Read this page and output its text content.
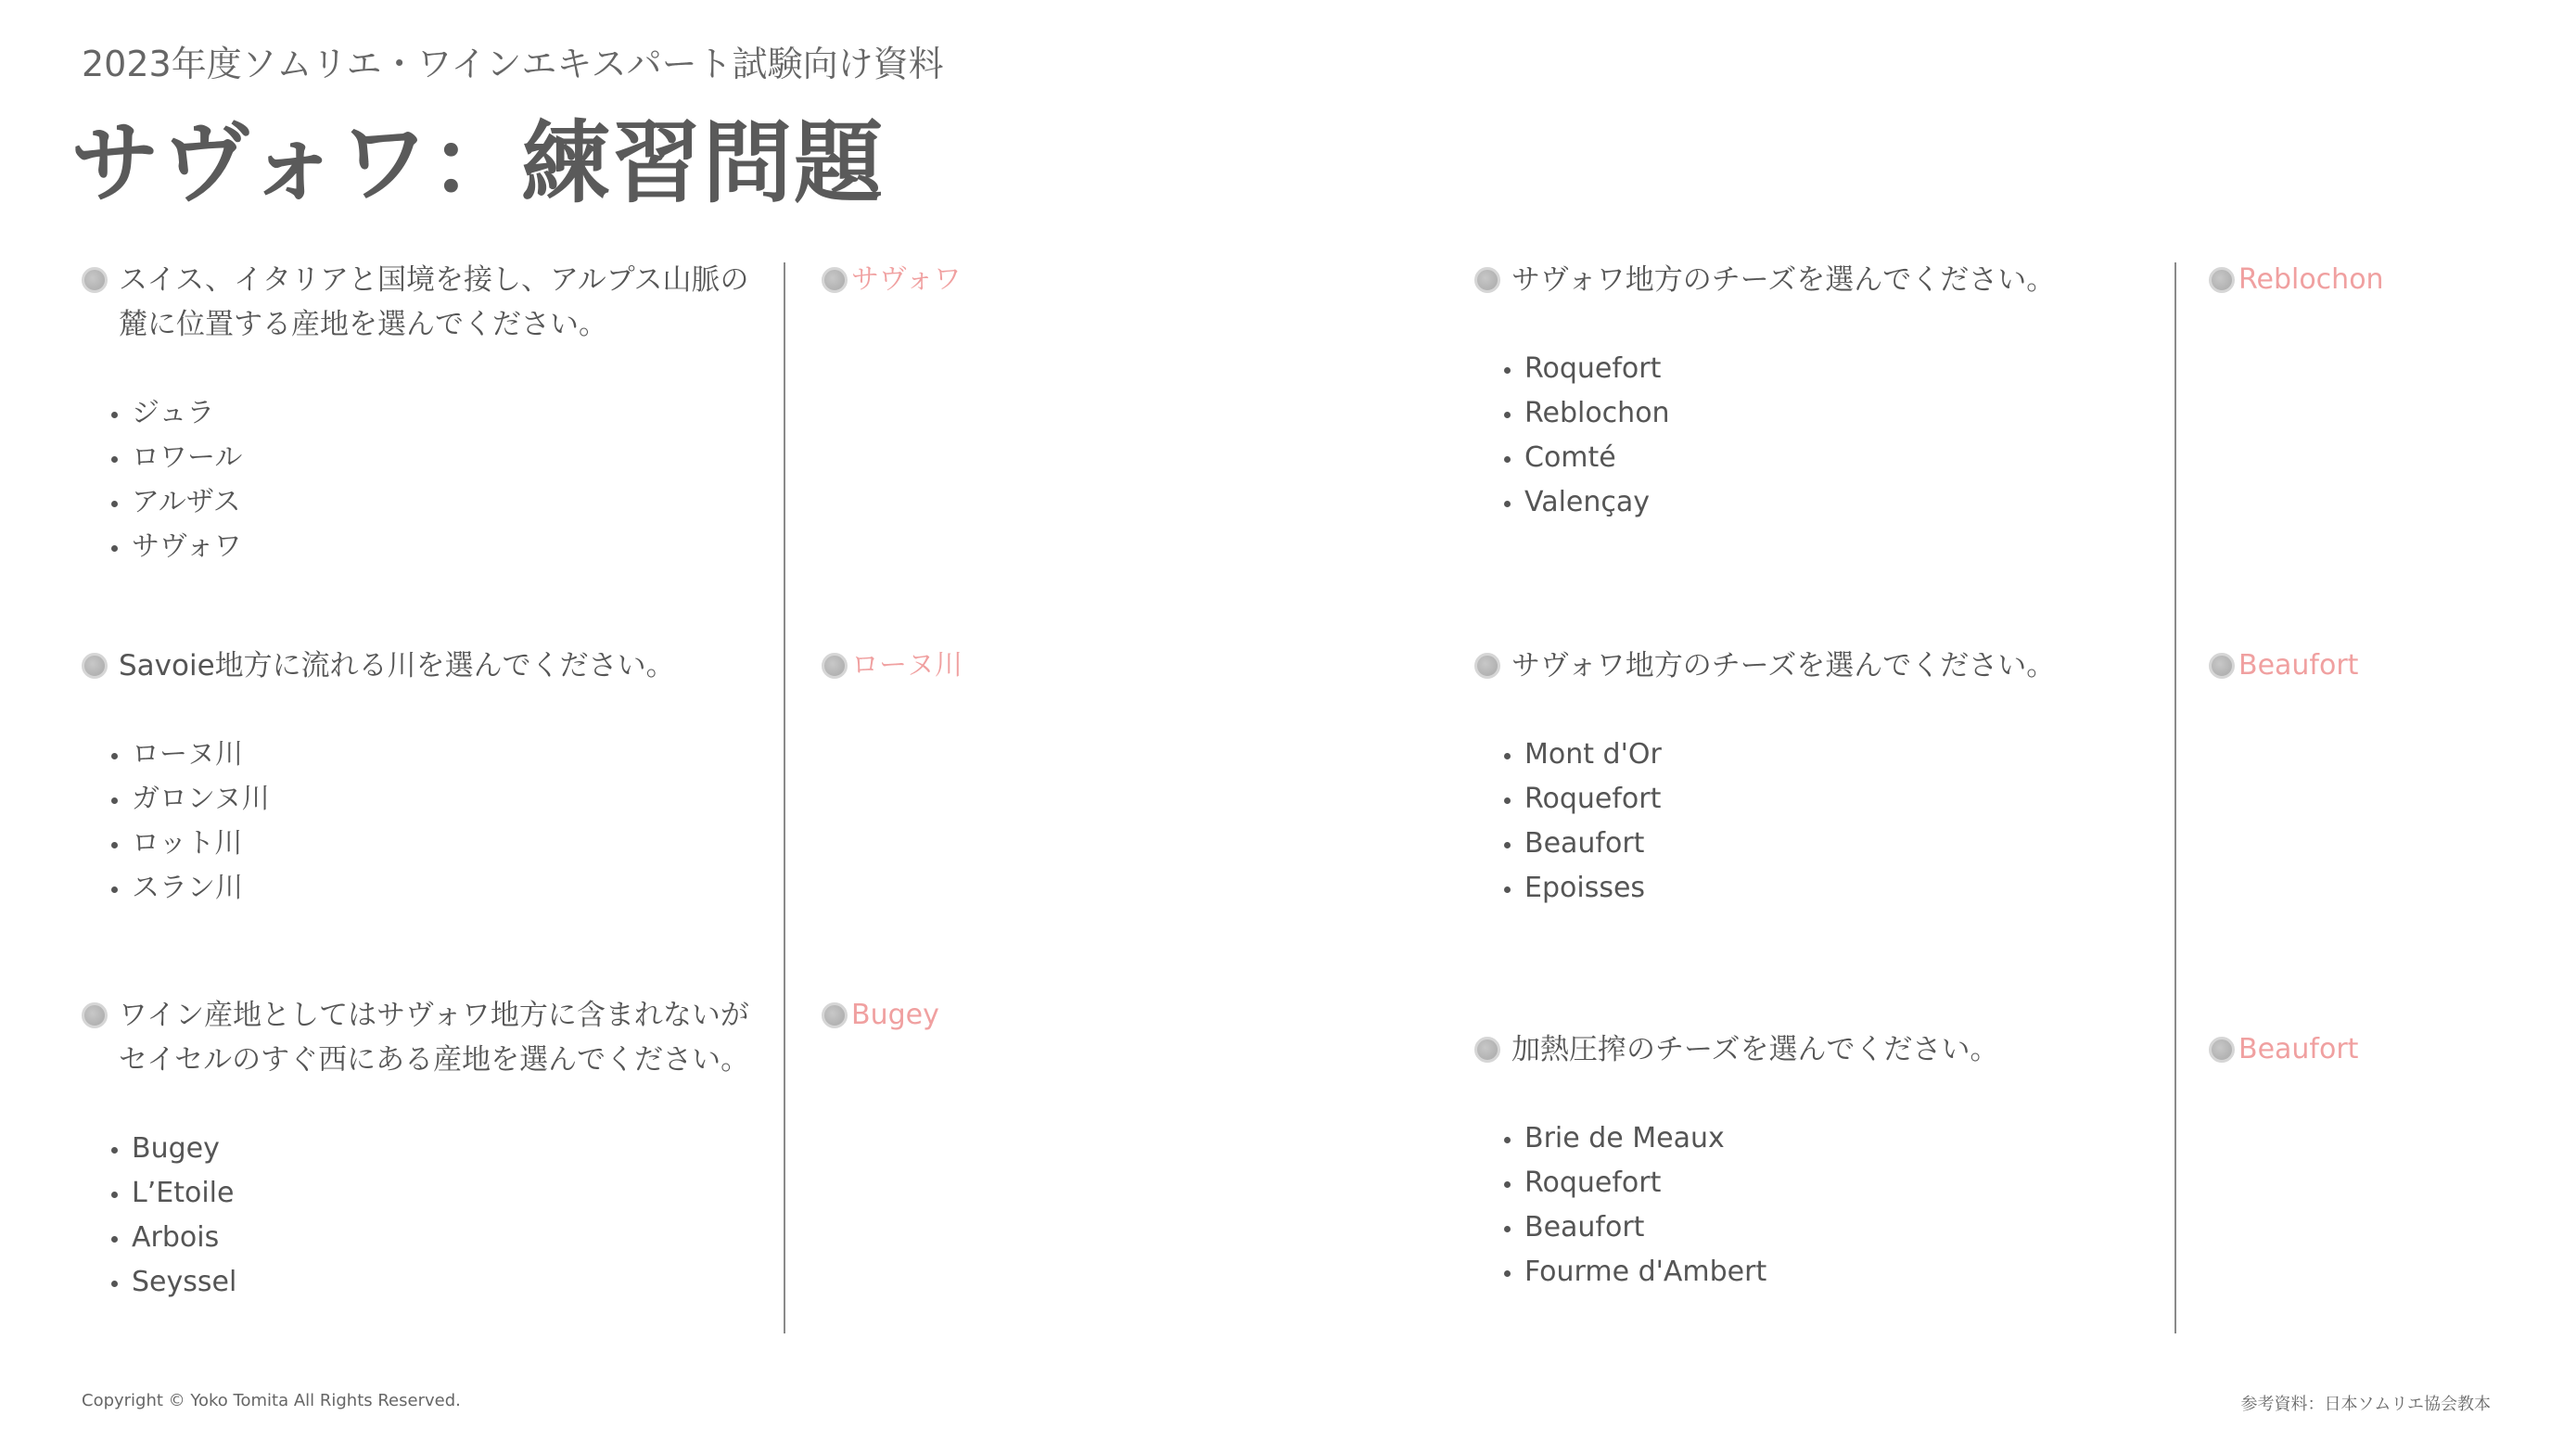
2023年度ソムリエ・ワインエキスパート試験向け資料
サヴォワ：練習問題
スイス、イタリアと国境を接し、アルプス山脈の麓に位置する産地を選んでください。
ジュラ
ロワール
アルザス
サヴォワ
サヴォワ
Savoie地方に流れる川を選んでください。
ローヌ川
ガロンヌ川
ロット川
スラン川
ローヌ川
ワイン産地としてはサヴォワ地方に含まれないがセイセルのすぐ西にある産地を選んでください。
Bugey
L’Etoile
Arbois
Seyssel
Bugey
サヴォワ地方のチーズを選んでください。
Roquefort
Reblochon
Comté
Valençay
Reblochon
サヴォワ地方のチーズを選んでください。
Mont d'Or
Roquefort
Beaufort
Epoisses
Beaufort
加熱圧搾のチーズを選んでください。
Brie de Meaux
Roquefort
Beaufort
Fourme d'Ambert
Beaufort
Copyright © Yoko Tomita All Rights Reserved.	参考資料：日本ソムリエ協会教本
